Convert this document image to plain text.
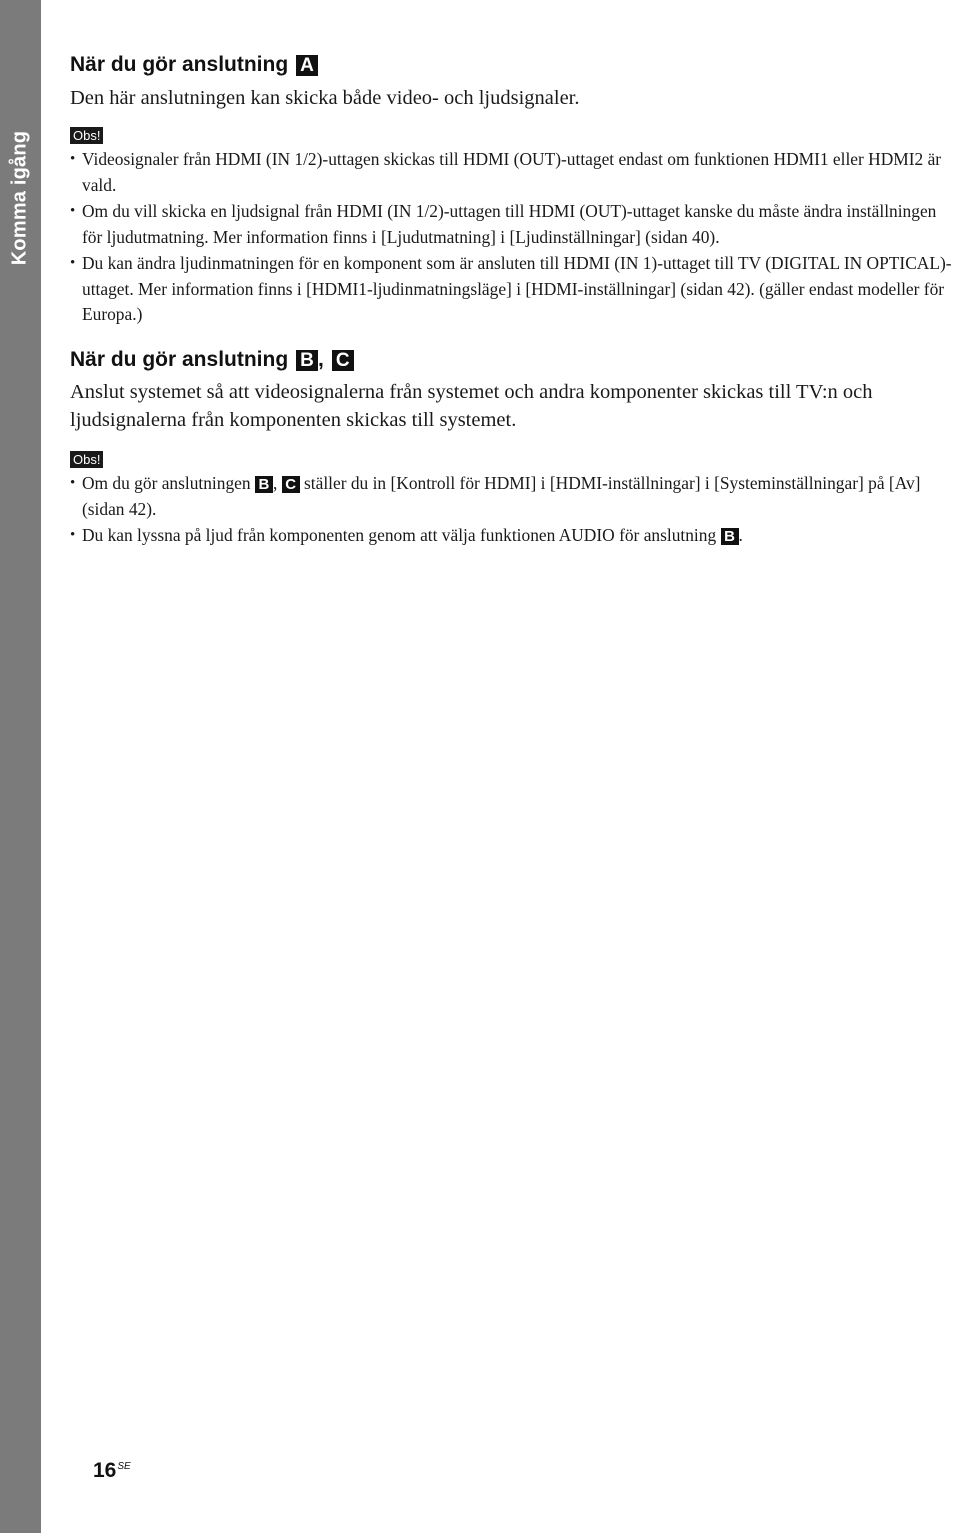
Komma igång
När du gör anslutning A
Den här anslutningen kan skicka både video- och ljudsignaler.
Obs!
• Videosignaler från HDMI (IN 1/2)-uttagen skickas till HDMI (OUT)-uttaget endast om funktionen HDMI1 eller HDMI2 är vald.
• Om du vill skicka en ljudsignal från HDMI (IN 1/2)-uttagen till HDMI (OUT)-uttaget kanske du måste ändra inställningen för ljudutmatning. Mer information finns i [Ljudutmatning] i [Ljudinställningar] (sidan 40).
• Du kan ändra ljudinmatningen för en komponent som är ansluten till HDMI (IN 1)-uttaget till TV (DIGITAL IN OPTICAL)-uttaget. Mer information finns i [HDMI1-ljudinmatningsläge] i [HDMI-inställningar] (sidan 42). (gäller endast modeller för Europa.)
När du gör anslutning B , C
Anslut systemet så att videosignalerna från systemet och andra komponenter skickas till TV:n och ljudsignalerna från komponenten skickas till systemet.
Obs!
• Om du gör anslutningen B , C ställer du in [Kontroll för HDMI] i [HDMI-inställningar] i [Systeminställningar] på [Av] (sidan 42).
• Du kan lyssna på ljud från komponenten genom att välja funktionen AUDIO för anslutning B .
$16^{SE}$
